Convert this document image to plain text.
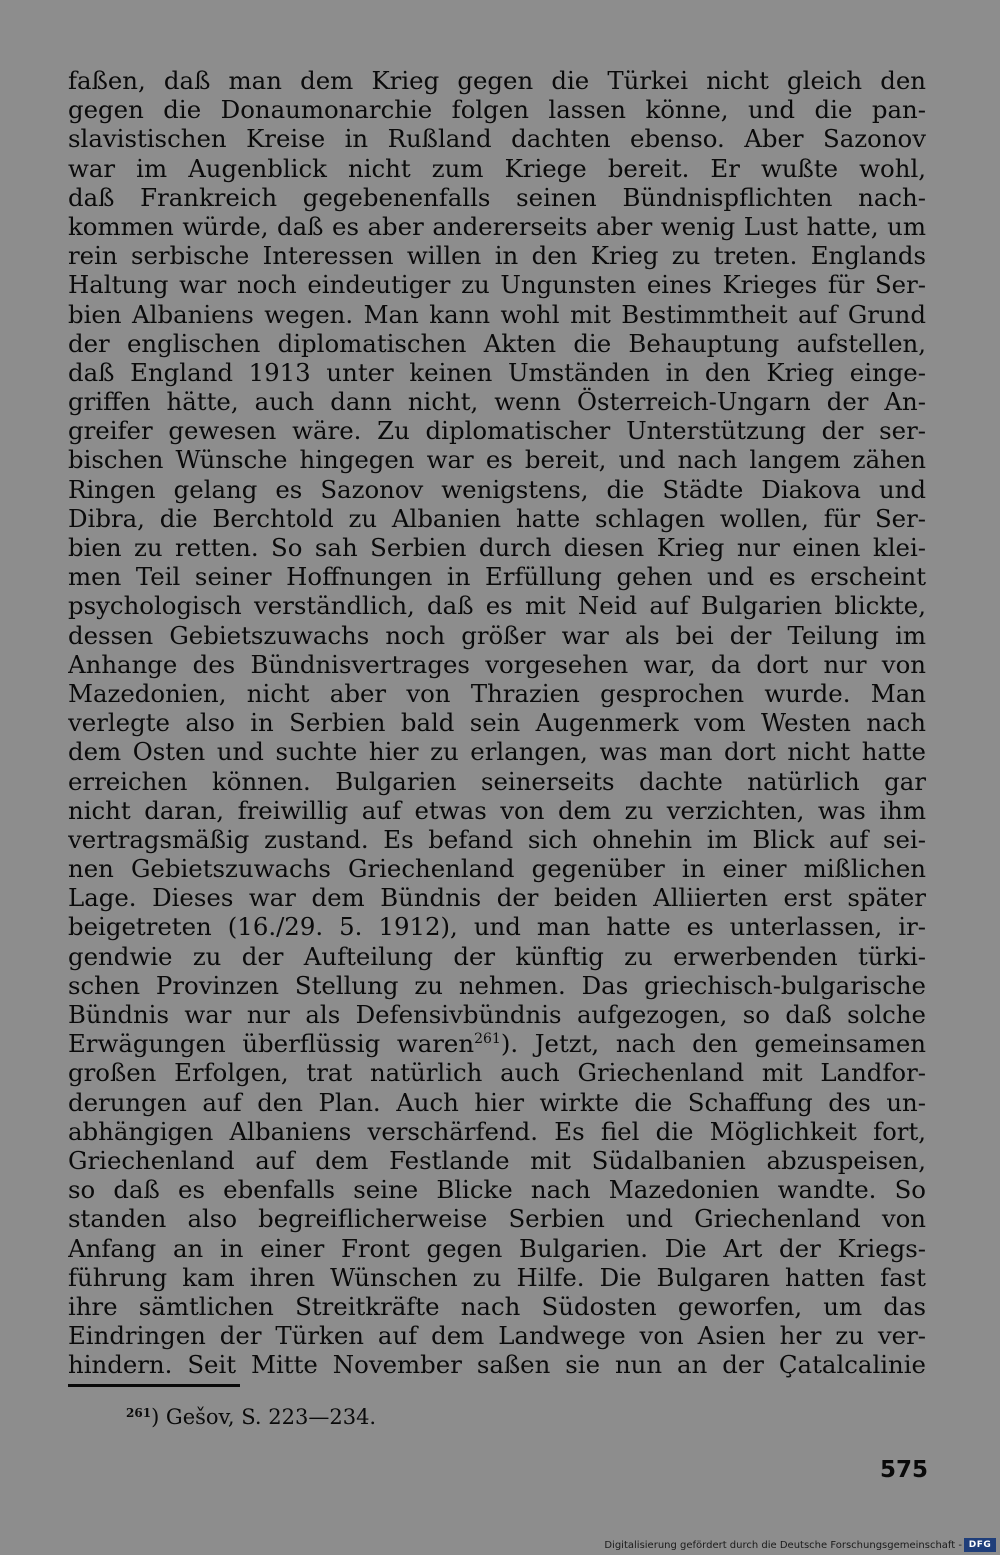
faßen, daß man dem Krieg gegen die Türkei nicht gleich den
gegen die Donaumonarchie folgen lassen könne, und die pan-
slavistischen Kreise in Rußland dachten ebenso. Aber Sazonov
war im Augenblick nicht zum Kriege bereit. Er wußte wohl,
daß Frankreich gegebenenfalls seinen Bündnispflichten nach-
kommen würde, daß es aber andererseits aber wenig Lust hatte, um
rein serbische Interessen willen in den Krieg zu treten. Englands
Haltung war noch eindeutiger zu Ungunsten eines Krieges für Ser-
bien Albaniens wegen. Man kann wohl mit Bestimmtheit auf Grund
der englischen diplomatischen Akten die Behauptung aufstellen,
daß England 1913 unter keinen Umständen in den Krieg einge-
griffen hätte, auch dann nicht, wenn Österreich-Ungarn der An-
greifer gewesen wäre. Zu diplomatischer Unterstützung der ser-
bischen Wünsche hingegen war es bereit, und nach langem zähen
Ringen gelang es Sazonov wenigstens, die Städte Diakova und
Dibra, die Berchtold zu Albanien hatte schlagen wollen, für Ser-
bien zu retten. So sah Serbien durch diesen Krieg nur einen klei-
men Teil seiner Hoffnungen in Erfüllung gehen und es erscheint
psychologisch verständlich, daß es mit Neid auf Bulgarien blickte,
dessen Gebietszuwachs noch größer war als bei der Teilung im
Anhange des Bündnisvertrages vorgesehen war, da dort nur von
Mazedonien, nicht aber von Thrazien gesprochen wurde. Man
verlegte also in Serbien bald sein Augenmerk vom Westen nach
dem Osten und suchte hier zu erlangen, was man dort nicht hatte
erreichen können. Bulgarien seinerseits dachte natürlich gar
nicht daran, freiwillig auf etwas von dem zu verzichten, was ihm
vertragsmäßig zustand. Es befand sich ohnehin im Blick auf sei-
nen Gebietszuwachs Griechenland gegenüber in einer mißlichen
Lage. Dieses war dem Bündnis der beiden Alliierten erst später
beigetreten (16./29. 5. 1912), und man hatte es unterlassen, ir-
gendwie zu der Aufteilung der künftig zu erwerbenden türki-
schen Provinzen Stellung zu nehmen. Das griechisch-bulgarische
Bündnis war nur als Defensivbündnis aufgezogen, so daß solche
Erwägungen überflüssig waren$^{261}$). Jetzt, nach den gemeinsamen
großen Erfolgen, trat natürlich auch Griechenland mit Landfor-
derungen auf den Plan. Auch hier wirkte die Schaffung des un-
abhängigen Albaniens verschärfend. Es fiel die Möglichkeit fort,
Griechenland auf dem Festlande mit Südalbanien abzuspeisen,
so daß es ebenfalls seine Blicke nach Mazedonien wandte. So
standen also begreiflicherweise Serbien und Griechenland von
Anfang an in einer Front gegen Bulgarien. Die Art der Kriegs-
führung kam ihren Wünschen zu Hilfe. Die Bulgaren hatten fast
ihre sämtlichen Streitkräfte nach Südosten geworfen, um das
Eindringen der Türken auf dem Landwege von Asien her zu ver-
hindern. Seit Mitte November saßen sie nun an der Çatalcalinie
$^{261}$) Gešov, S. 223—234.
575
Digitalisierung gefördert durch die Deutsche Forschungsgemeinschaft - DFG
